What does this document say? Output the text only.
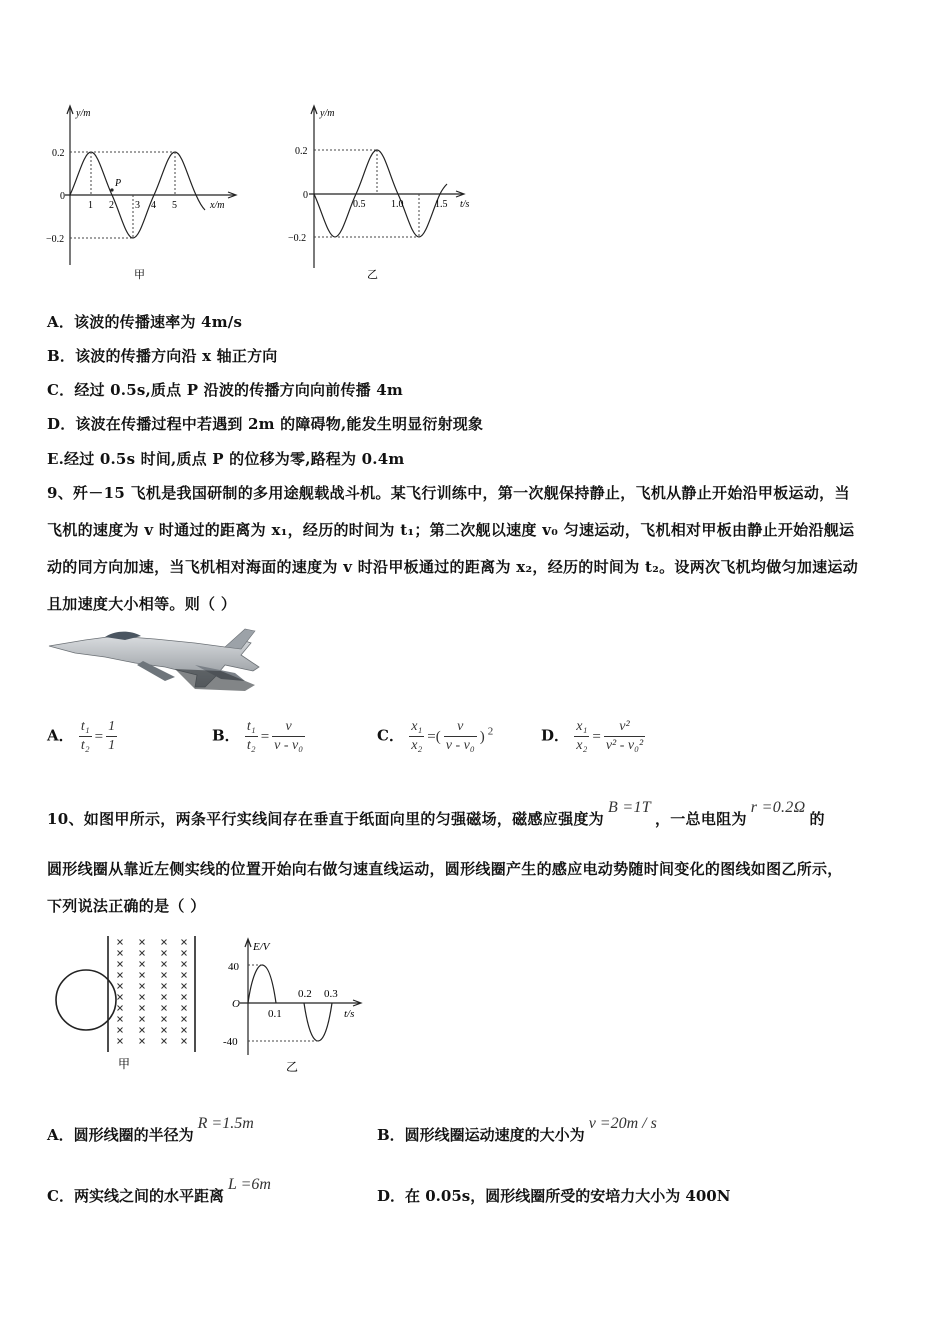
y/m
0.2
0
−0.2
P
1 2 3 4 5	x/m
甲
y/m
0.2
0
−0.2
0.5	1.0	1.5 t/s
乙
A．该波的传播速率为 4m/s
B．该波的传播方向沿 x 轴正方向
C．经过 0.5s,质点 P 沿波的传播方向向前传播 4m
D．该波在传播过程中若遇到 2m 的障碍物,能发生明显衍射现象
E.经过 0.5s 时间,质点 P 的位移为零,路程为 0.4m
9、歼－15 飞机是我国研制的多用途舰载战斗机。某飞行训练中，第一次舰保持静止，飞机从静止开始沿甲板运动，当
飞机的速度为 v 时通过的距离为 x₁，经历的时间为 t₁；第二次舰以速度 v₀ 匀速运动，飞机相对甲板由静止开始沿舰运
动的同方向加速，当飞机相对海面的速度为 v 时沿甲板通过的距离为 x₂，经历的时间为 t₂。设两次飞机均做匀加速运动
且加速度大小相等。则（ ）
A． $\frac{\text{t₁}}{\text{t₂}} = \frac{1}{1}$	B． $\frac{\text{t₁}}{\text{t₂}} = \frac{v}{\text{v - v₀}}$	C． $\frac{\text{x₁}}{\text{x₂}}$ =( $\frac{v}{\text{v - v₀}}$ ) $^2$	D． $\frac{\text{x₁}}{\text{x₂}} = \frac{\text{v²}}{\text{v² - v₀²}}$
10、如图甲所示，两条平行实线间存在垂直于纸面向里的匀强磁场，磁感应强度为B =1T，一总电阻为r =0.2Ω的
圆形线圈从靠近左侧实线的位置开始向右做匀速直线运动，圆形线圈产生的感应电动势随时间变化的图线如图乙所示，
下列说法正确的是（ ）
甲
E/V
40
O
-40
0.1
0.2 0.3
t/s
乙
A．圆形线圈的半径为R =1.5m
B．圆形线圈运动速度的大小为v =20m / s
C．两实线之间的水平距离L =6m
D．在 0.05s，圆形线圈所受的安培力大小为 400N
